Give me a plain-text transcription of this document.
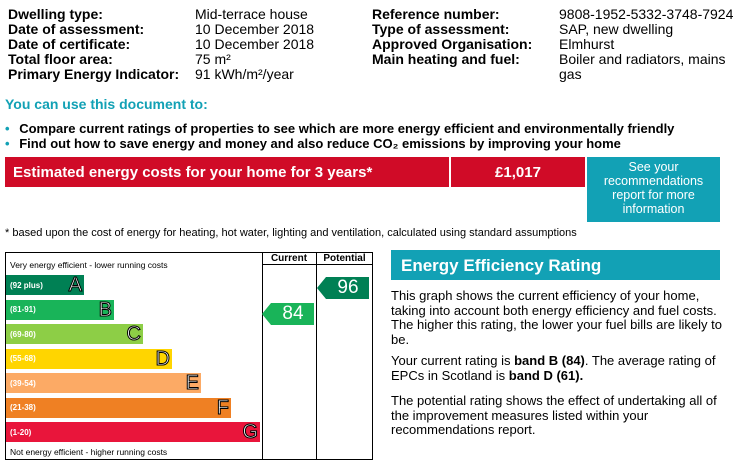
Dwelling type:	Mid-terrace house
Date of assessment:	10 December 2018
Date of certificate:	10 December 2018
Total floor area:	75 m²
Primary Energy Indicator: 91 kWh/m²/year
Reference number:	9808-1952-5332-3748-7924
Type of assessment:	SAP, new dwelling
Approved Organisation: Elmhurst
Main heating and fuel:	Boiler and radiators, mains gas
You can use this document to:
• Compare current ratings of properties to see which are more energy efficient and environmentally friendly
• Find out how to save energy and money and also reduce CO₂ emissions by improving your home
Estimated energy costs for your home for 3 years*	£1,017	See your recommendations report for more information
* based upon the cost of energy for heating, hot water, lighting and ventilation, calculated using standard assumptions
Current	Potential
Very energy efficient - lower running costs
(92 plus) A
(81-91)	B
(69-80)	C
(55-68)	D
(39-54)	E
(21-38)	F
(1-20)	G
Not energy efficient - higher running costs
84
96
Energy Efficiency Rating
This graph shows the current efficiency of your home, taking into account both energy efficiency and fuel costs. The higher this rating, the lower your fuel bills are likely to be.
Your current rating is band B (84). The average rating of EPCs in Scotland is band D (61).
The potential rating shows the effect of undertaking all of the improvement measures listed within your recommendations report.
